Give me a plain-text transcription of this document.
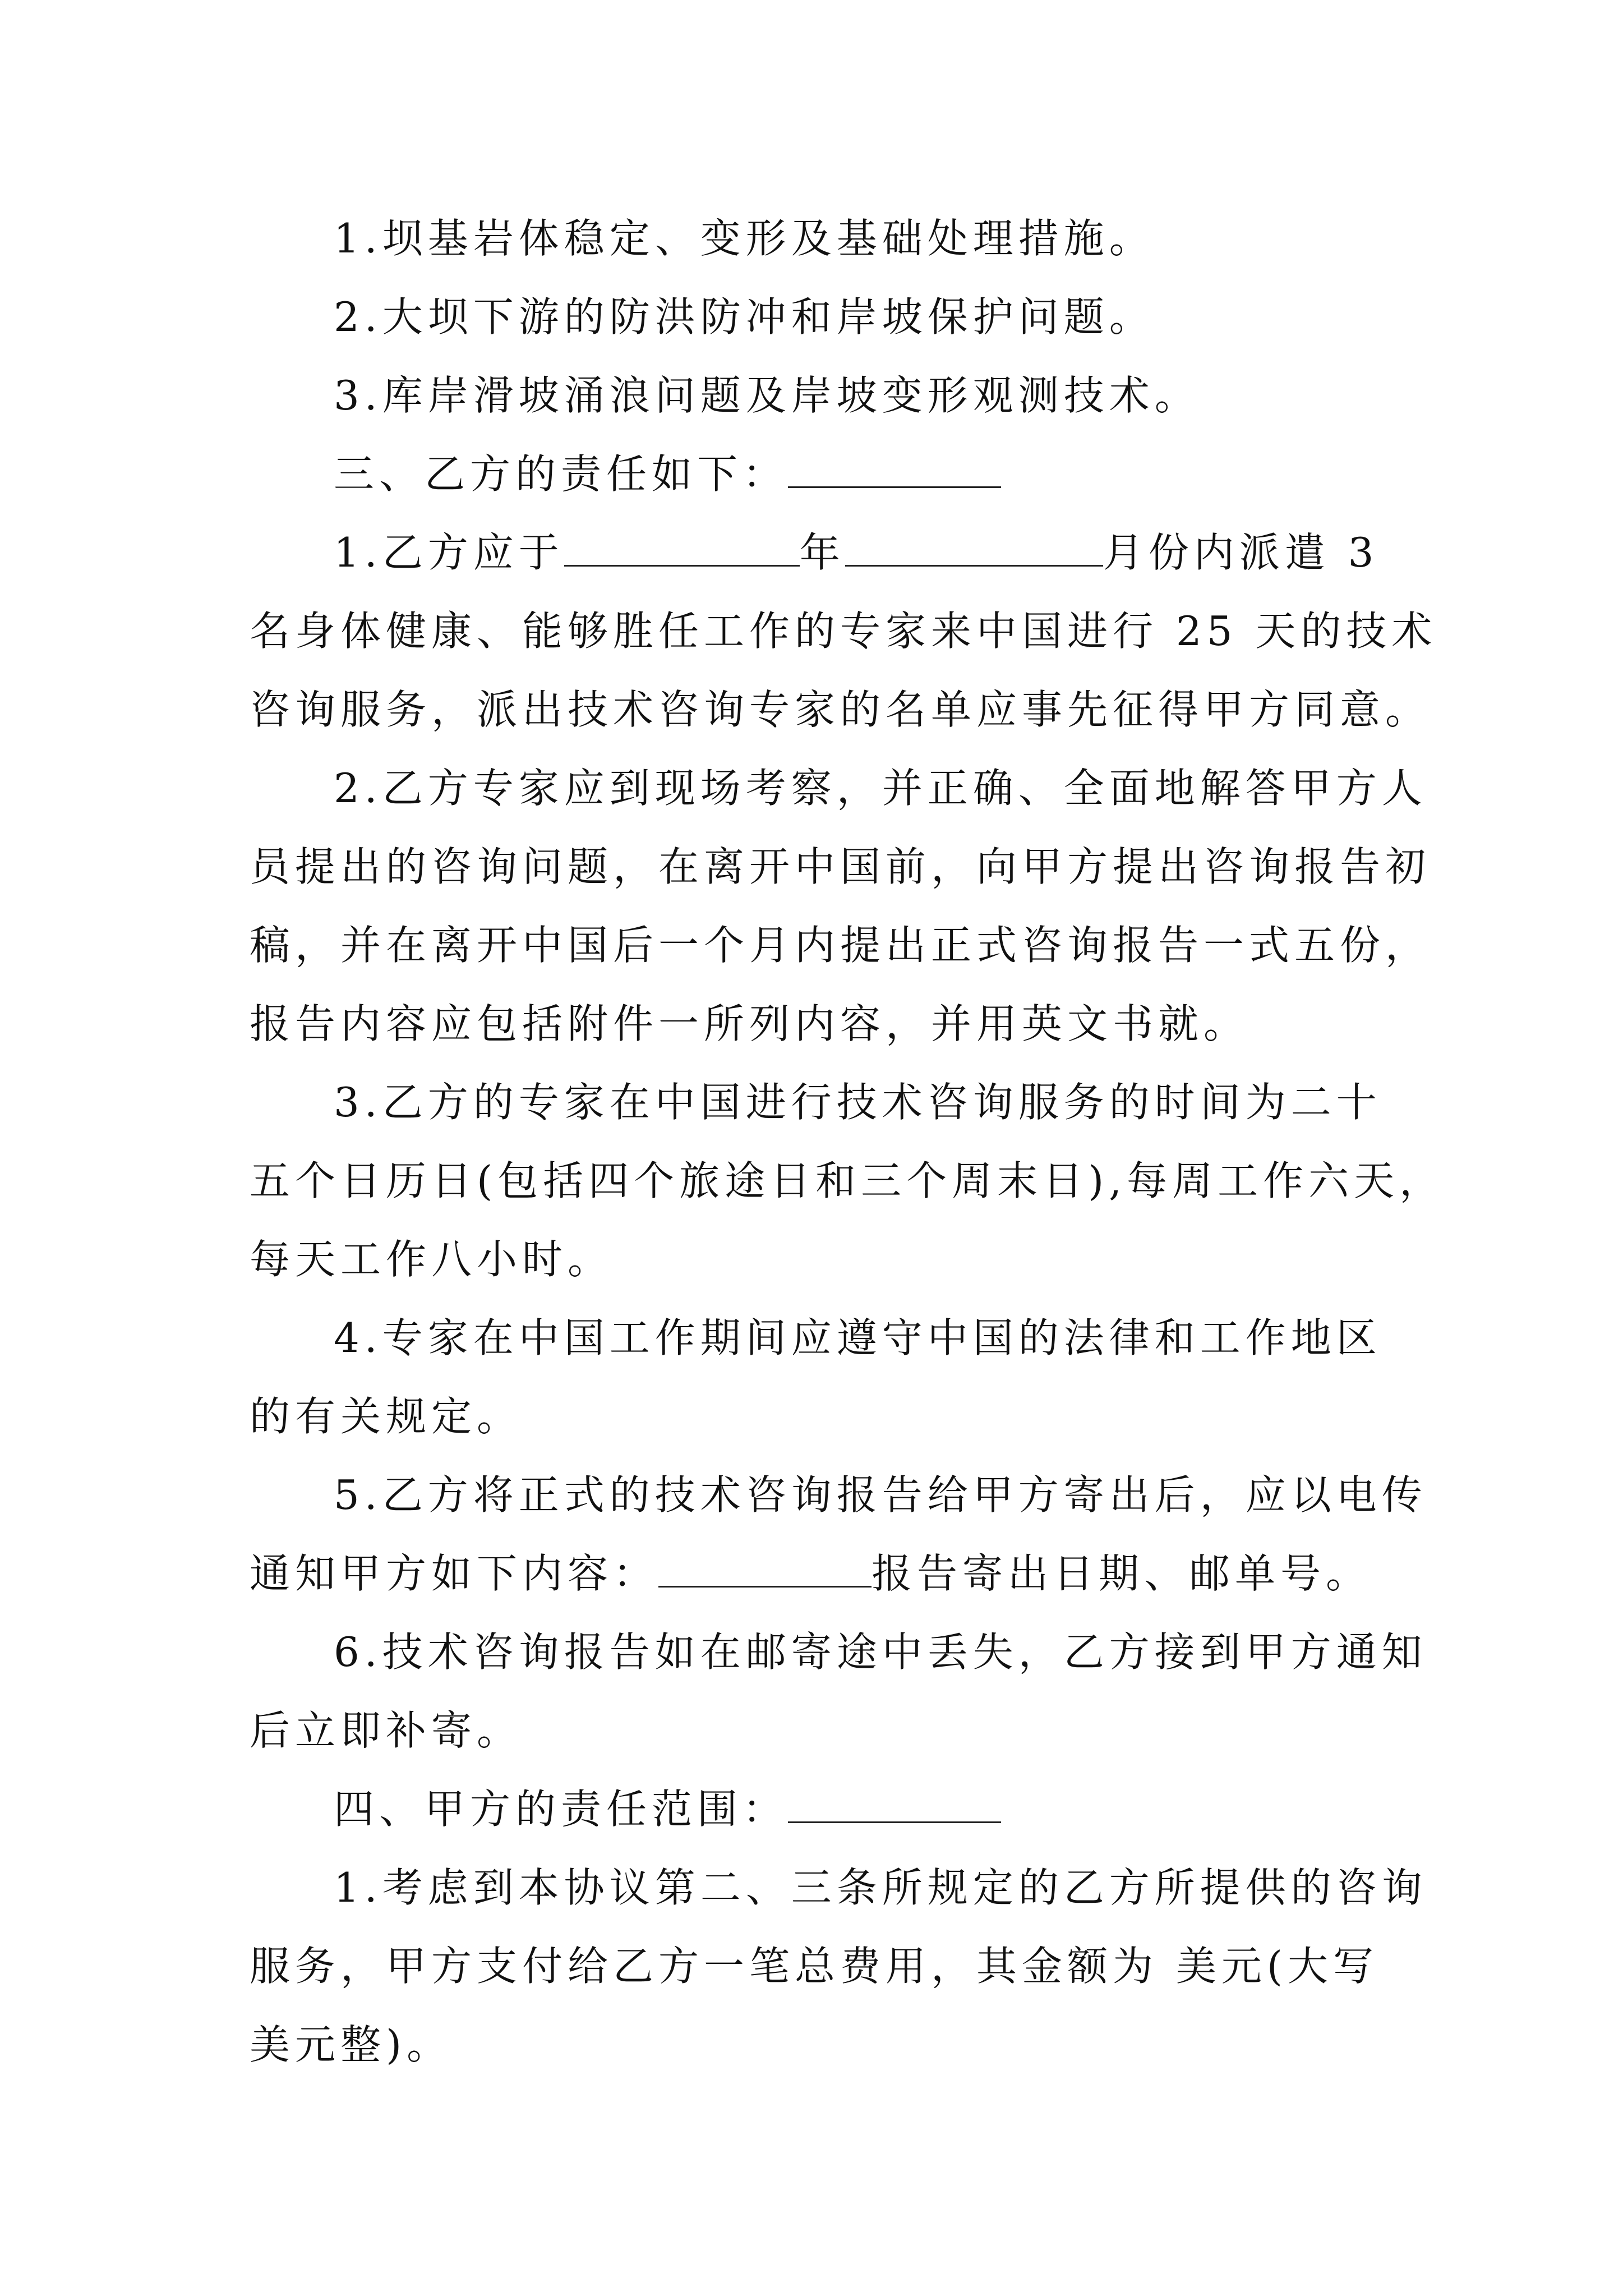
1.坝基岩体稳定、变形及基础处理措施。
2.大坝下游的防洪防冲和岸坡保护问题。
3.库岸滑坡涌浪问题及岸坡变形观测技术。
三、乙方的责任如下：
1.乙方应于	年	月份内派遣 3
名身体健康、能够胜任工作的专家来中国进行 25 天的技术
咨询服务，派出技术咨询专家的名单应事先征得甲方同意。
2.乙方专家应到现场考察，并正确、全面地解答甲方人
员提出的咨询问题，在离开中国前，向甲方提出咨询报告初
稿，并在离开中国后一个月内提出正式咨询报告一式五份，
报告内容应包括附件一所列内容，并用英文书就。
3.乙方的专家在中国进行技术咨询服务的时间为二十
五个日历日(包括四个旅途日和三个周末日),每周工作六天，
每天工作八小时。
4.专家在中国工作期间应遵守中国的法律和工作地区
的有关规定。
5.乙方将正式的技术咨询报告给甲方寄出后，应以电传
通知甲方如下内容：	报告寄出日期、邮单号。
6.技术咨询报告如在邮寄途中丢失，乙方接到甲方通知
后立即补寄。
四、甲方的责任范围：
1.考虑到本协议第二、三条所规定的乙方所提供的咨询
服务，甲方支付给乙方一笔总费用，其金额为 美元(大写
美元整)。
